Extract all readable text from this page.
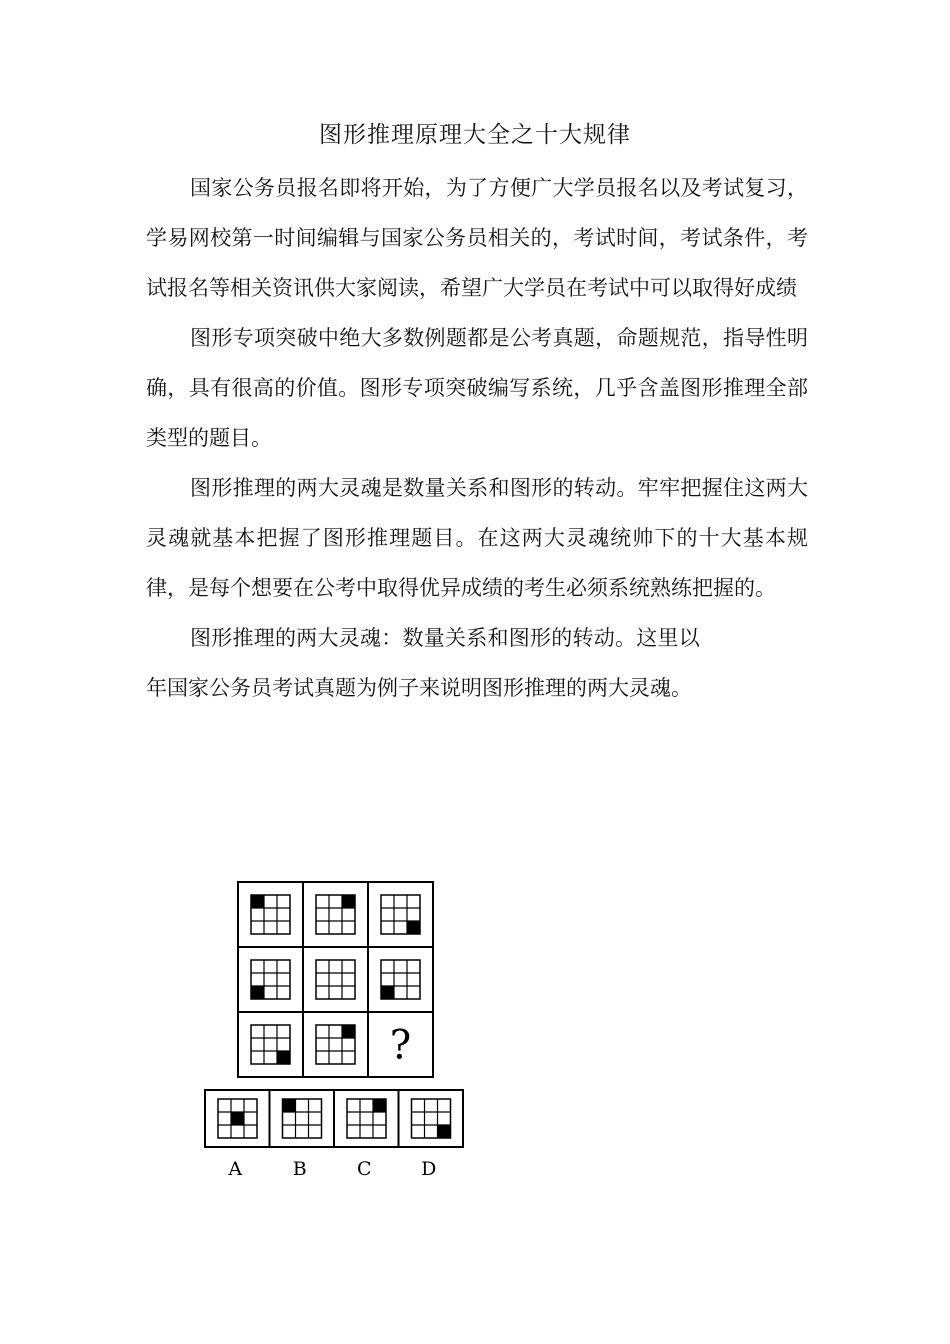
图形推理原理大全之十大规律

国家公务员报名即将开始，为了方便广大学员报名以及考试复习，学易网校第一时间编辑与国家公务员相关的，考试时间，考试条件，考试报名等相关资讯供大家阅读，希望广大学员在考试中可以取得好成绩

图形专项突破中绝大多数例题都是公考真题，命题规范，指导性明确，具有很高的价值。图形专项突破编写系统，几乎含盖图形推理全部类型的题目。

图形推理的两大灵魂是数量关系和图形的转动。牢牢把握住这两大灵魂就基本把握了图形推理题目。在这两大灵魂统帅下的十大基本规律，是每个想要在公考中取得优异成绩的考生必须系统熟练把握的。

图形推理的两大灵魂：数量关系和图形的转动。这里以年国家公务员考试真题为例子来说明图形推理的两大灵魂。

?
A	B	C	D
